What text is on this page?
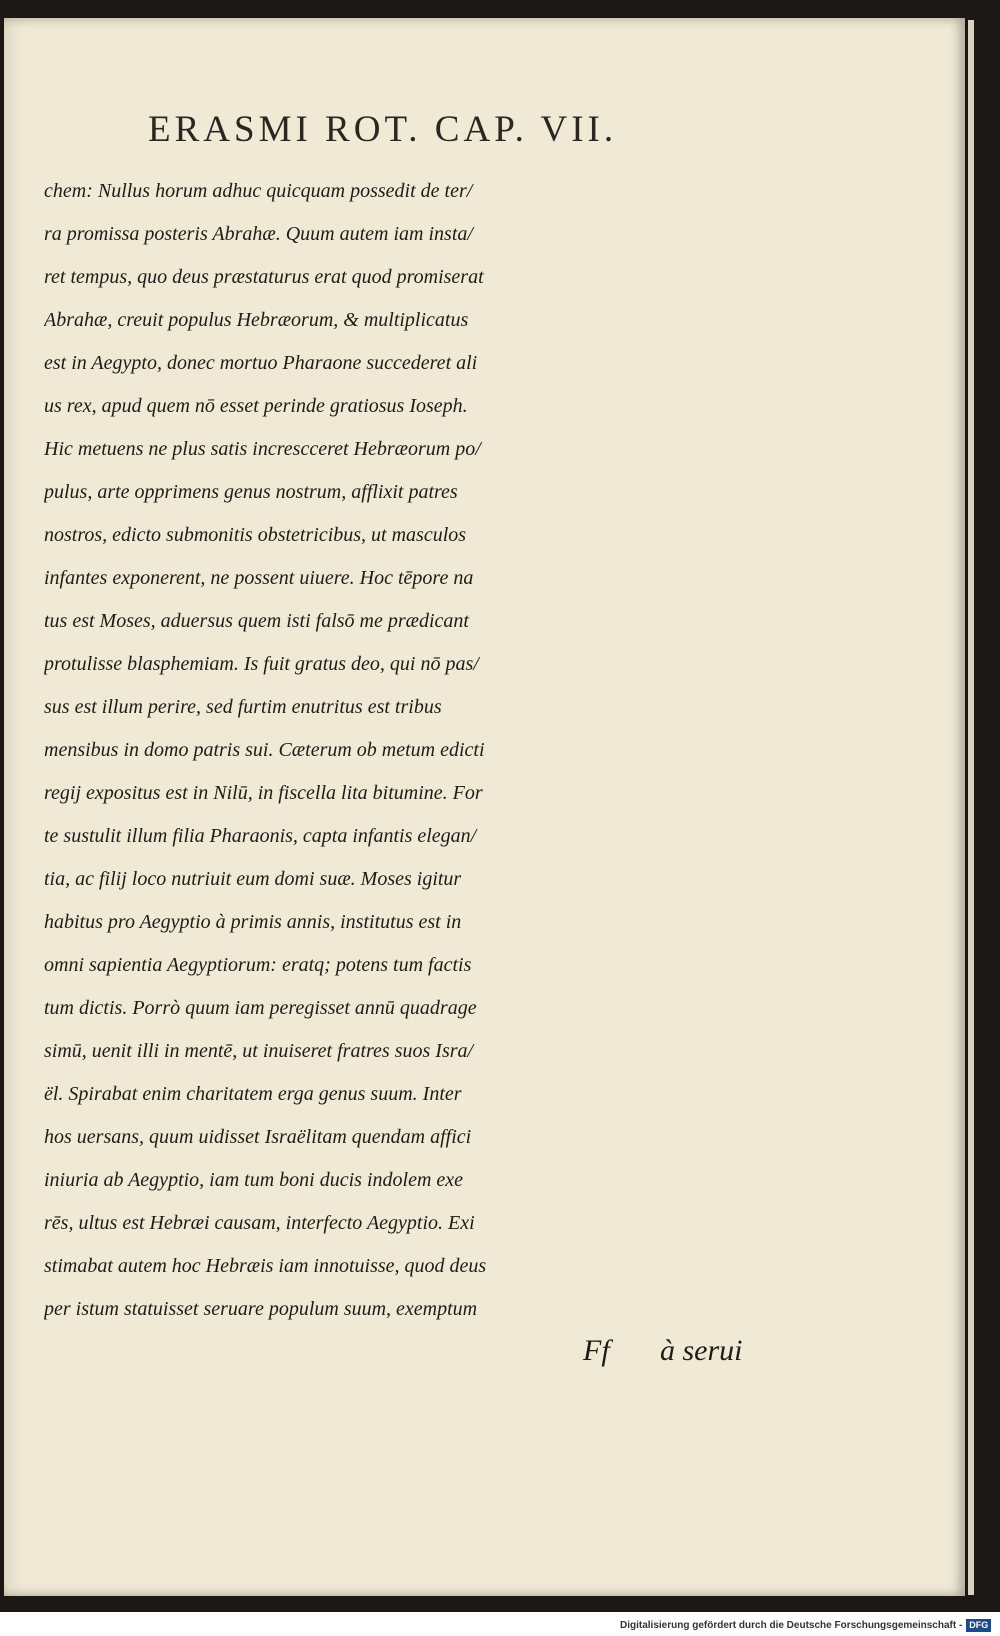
ERASMI ROT. CAP. VII.
chem: Nullus horum adhuc quicquam possedit de ter/
ra promissa posteris Abrahæ. Quum autem iam insta/
ret tempus, quo deus præstaturus erat quod promiserat
Abrahæ, creuit populus Hebræorum, & multiplicatus
est in Aegypto, donec mortuo Pharaone succederet ali
us rex, apud quem nō esset perinde gratiosus Ioseph.
Hic metuens ne plus satis increscceret Hebræorum po/
pulus, arte opprimens genus nostrum, afflixit patres
nostros, edicto submonitis obstetricibus, ut masculos
infantes exponerent, ne possent uiuere. Hoc tēpore na
tus est Moses, aduersus quem isti falsō me prædicant
protulisse blasphemiam. Is fuit gratus deo, qui nō pas/
sus est illum perire, sed furtim enutritus est tribus
mensibus in domo patris sui. Cæterum ob metum edicti
regij expositus est in Nilū, in fiscella lita bitumine. For
te sustulit illum filia Pharaonis, capta infantis elegan/
tia, ac filij loco nutriuit eum domi suæ. Moses igitur
habitus pro Aegyptio à primis annis, institutus est in
omni sapientia Aegyptiorum: eratq; potens tum factis
tum dictis. Porrò quum iam peregisset annū quadrage
simū, uenit illi in mentē, ut inuiseret fratres suos Isra/
ël. Spirabat enim charitatem erga genus suum. Inter
hos uersans, quum uidisset Israëlitam quendam affici
iniuria ab Aegyptio, iam tum boni ducis indolem exe
rēs, ultus est Hebræi causam, interfecto Aegyptio. Exi
stimabat autem hoc Hebræis iam innotuisse, quod deus
per istum statuisset seruare populum suum, exemptum
Ff à serui
Digitalisierung gefördert durch die Deutsche Forschungsgemeinschaft - DFG
